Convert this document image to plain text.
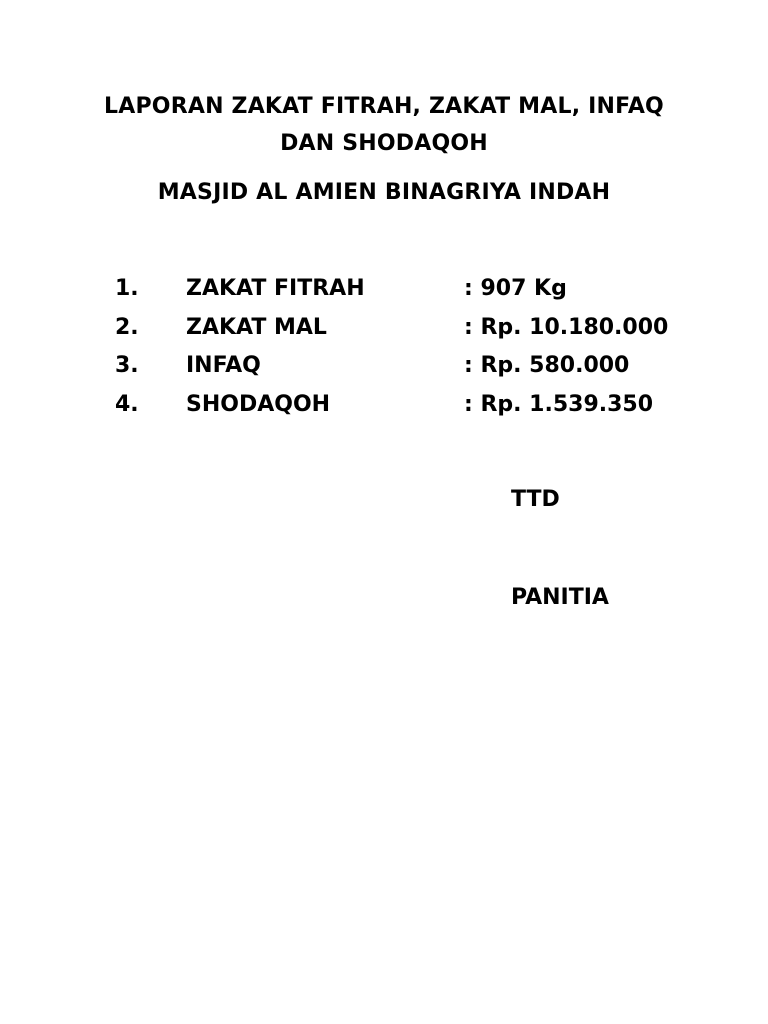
LAPORAN ZAKAT FITRAH, ZAKAT MAL, INFAQ
DAN SHODAQOH
MASJID AL AMIEN BINAGRIYA INDAH
1. ZAKAT FITRAH	: 907 Kg
2. ZAKAT MAL	: Rp. 10.180.000
3. INFAQ	: Rp. 580.000
4. SHODAQOH	: Rp. 1.539.350
TTD
PANITIA
